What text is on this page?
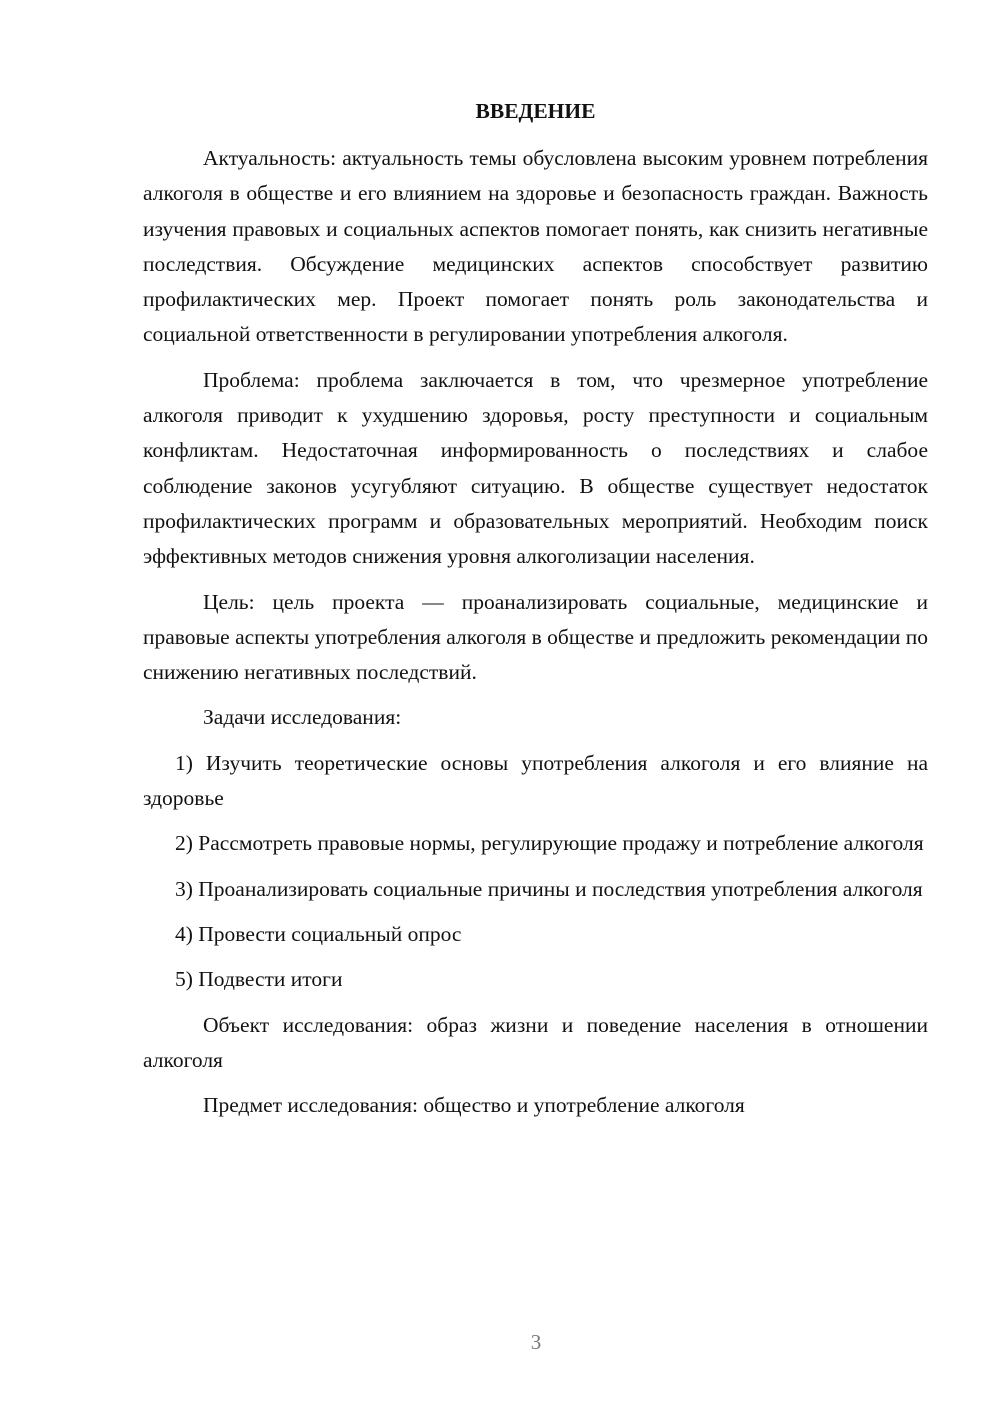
ВВЕДЕНИЕ

Актуальность: актуальность темы обусловлена высоким уровнем потребления алкоголя в обществе и его влиянием на здоровье и безопасность граждан. Важность изучения правовых и социальных аспектов помогает понять, как снизить негативные последствия. Обсуждение медицинских аспектов способствует развитию профилактических мер. Проект помогает понять роль законодательства и социальной ответственности в регулировании употребления алкоголя.

Проблема: проблема заключается в том, что чрезмерное употребление алкоголя приводит к ухудшению здоровья, росту преступности и социальным конфликтам. Недостаточная информированность о последствиях и слабое соблюдение законов усугубляют ситуацию. В обществе существует недостаток профилактических программ и образовательных мероприятий. Необходим поиск эффективных методов снижения уровня алкоголизации населения.

Цель: цель проекта — проанализировать социальные, медицинские и правовые аспекты употребления алкоголя в обществе и предложить рекомендации по снижению негативных последствий.

Задачи исследования:

1) Изучить теоретические основы употребления алкоголя и его влияние на здоровье

2) Рассмотреть правовые нормы, регулирующие продажу и потребление алкоголя

3) Проанализировать социальные причины и последствия употребления алкоголя

4) Провести социальный опрос

5) Подвести итоги

Объект исследования: образ жизни и поведение населения в отношении алкоголя

Предмет исследования: общество и употребление алкоголя

3
